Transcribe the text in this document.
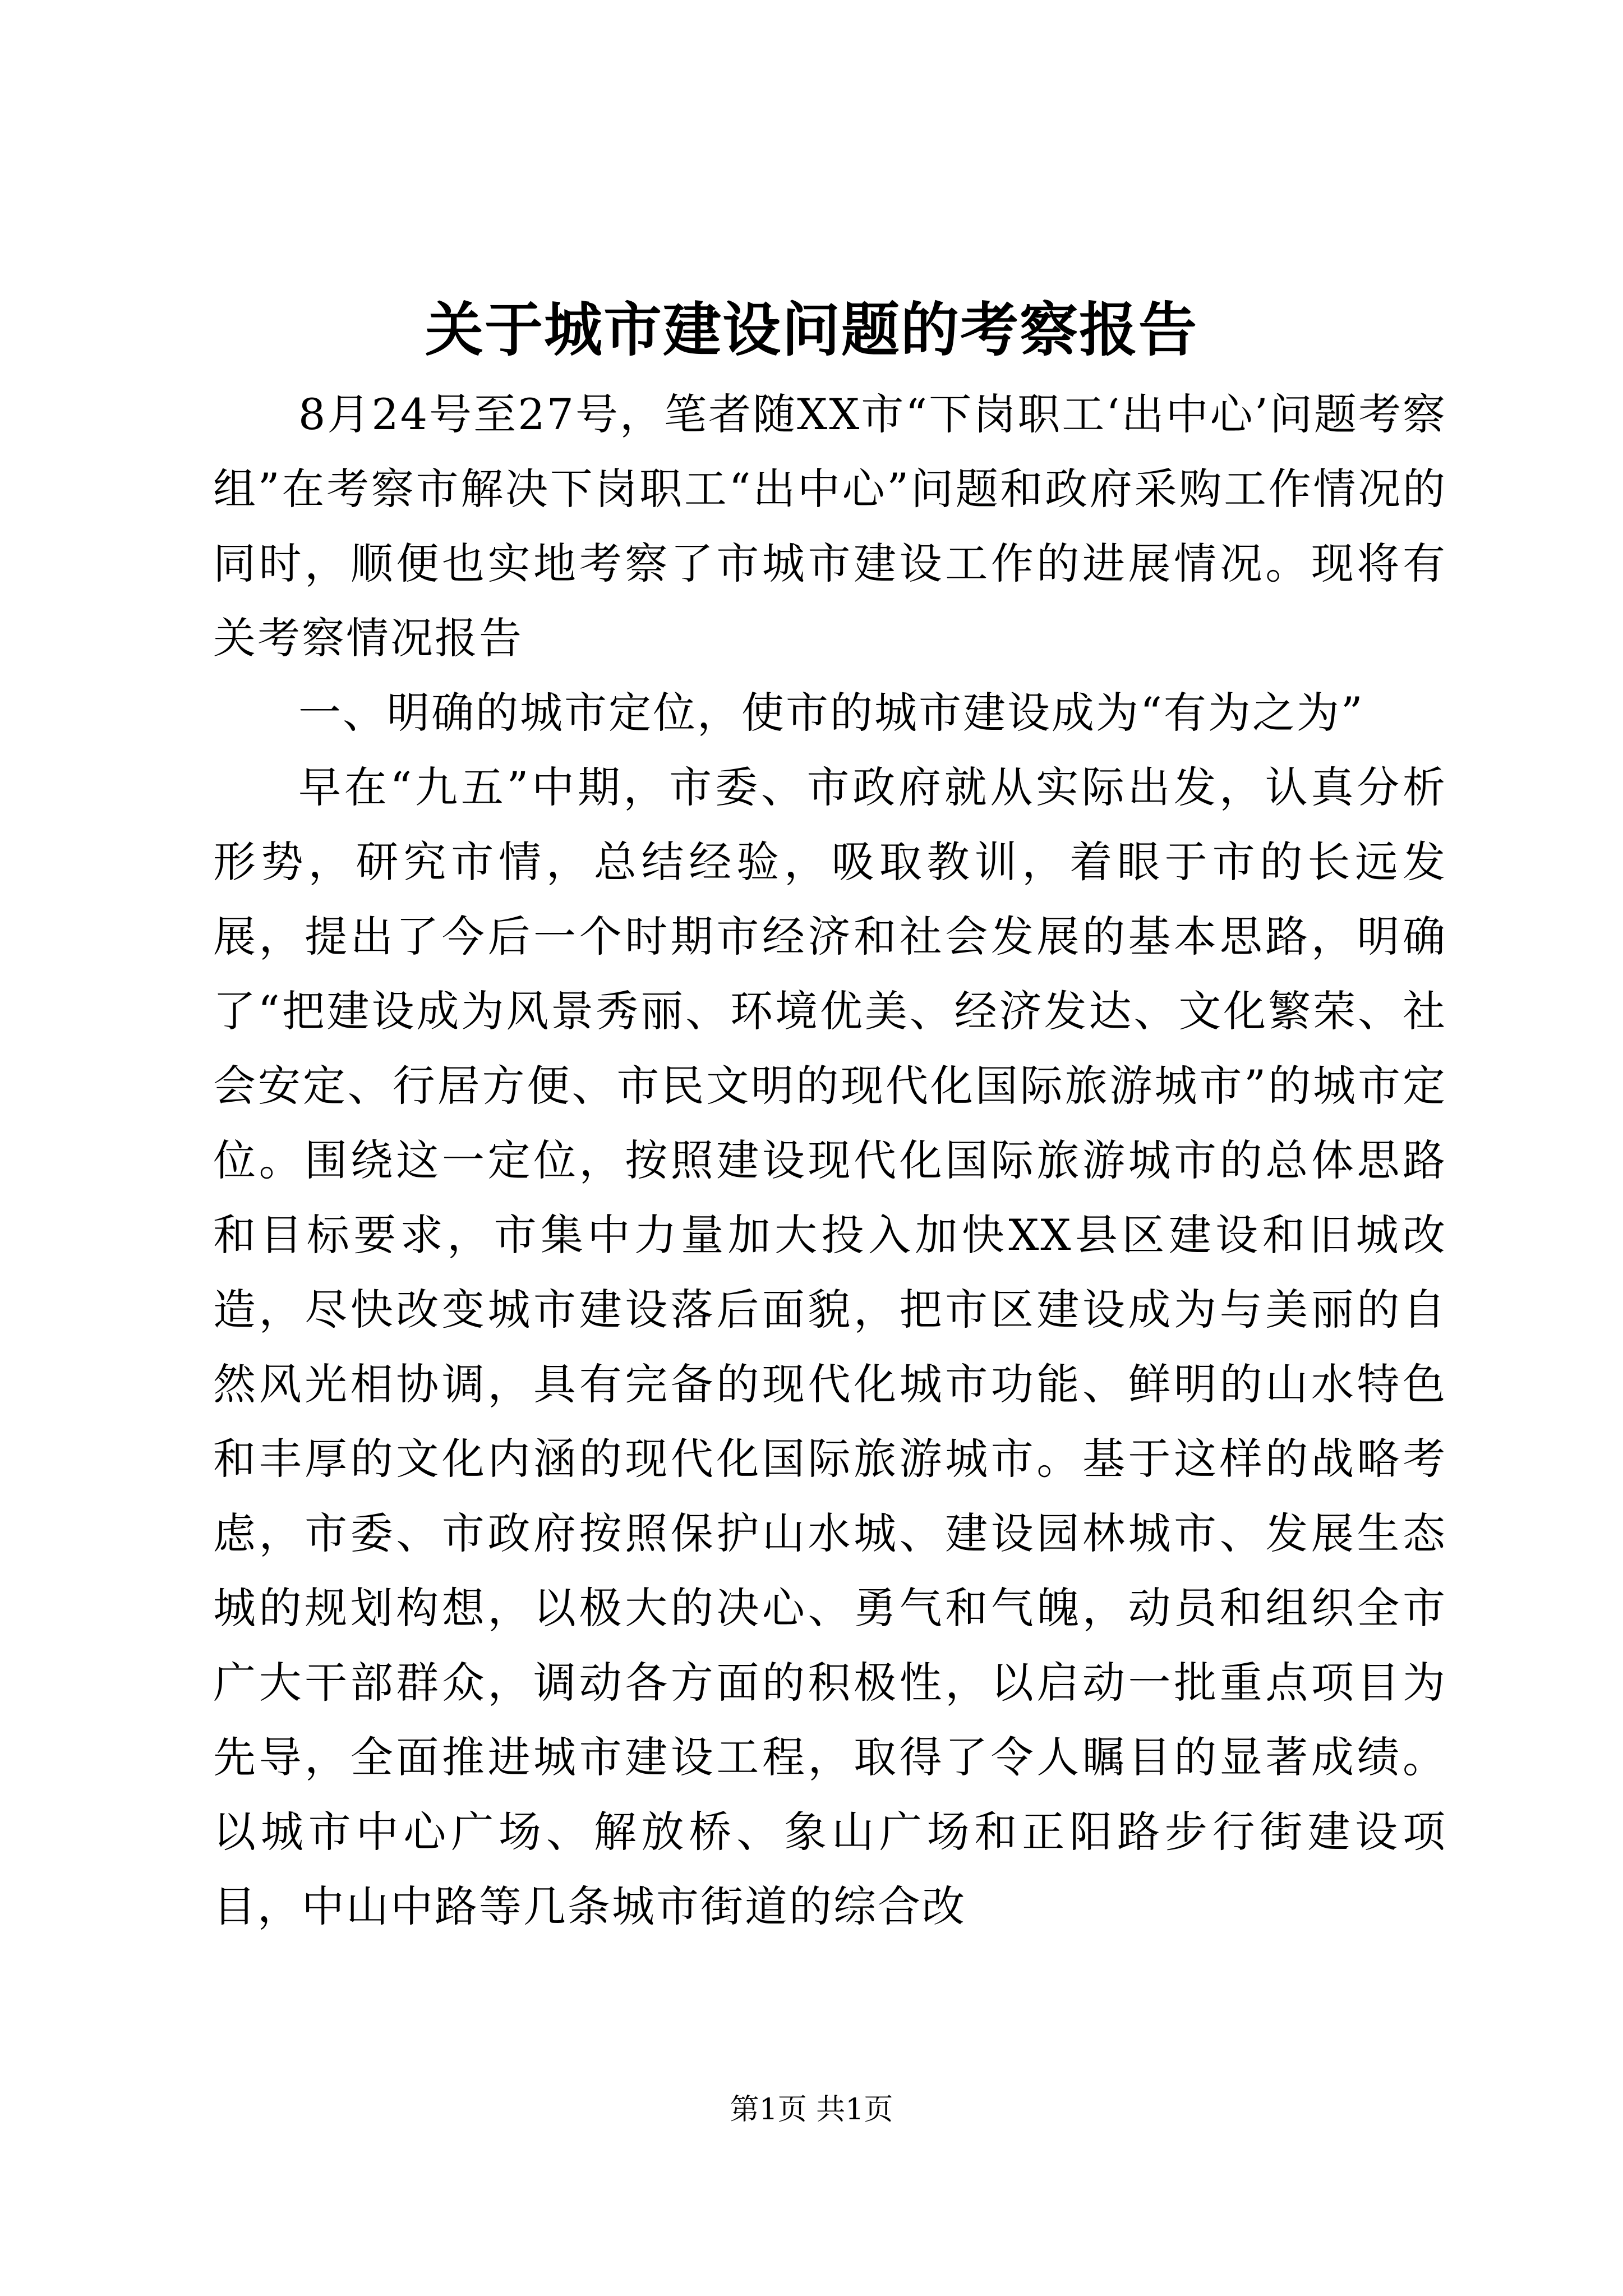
关于城市建设问题的考察报告

8月24号至27号，笔者随XX市“下岗职工‘出中心’问题考察组”在考察市解决下岗职工“出中心”问题和政府采购工作情况的同时，顺便也实地考察了市城市建设工作的进展情况。现将有关考察情况报告

一、明确的城市定位，使市的城市建设成为“有为之为”

早在“九五”中期，市委、市政府就从实际出发，认真分析形势，研究市情，总结经验，吸取教训，着眼于市的长远发展，提出了今后一个时期市经济和社会发展的基本思路，明确了“把建设成为风景秀丽、环境优美、经济发达、文化繁荣、社会安定、行居方便、市民文明的现代化国际旅游城市”的城市定位。围绕这一定位，按照建设现代化国际旅游城市的总体思路和目标要求，市集中力量加大投入加快XX县区建设和旧城改造，尽快改变城市建设落后面貌，把市区建设成为与美丽的自然风光相协调，具有完备的现代化城市功能、鲜明的山水特色和丰厚的文化内涵的现代化国际旅游城市。基于这样的战略考虑，市委、市政府按照保护山水城、建设园林城市、发展生态城的规划构想，以极大的决心、勇气和气魄，动员和组织全市广大干部群众，调动各方面的积极性，以启动一批重点项目为先导，全面推进城市建设工程，取得了令人瞩目的显著成绩。以城市中心广场、解放桥、象山广场和正阳路步行街建设项目，中山中路等几条城市街道的综合改

第1页 共1页
